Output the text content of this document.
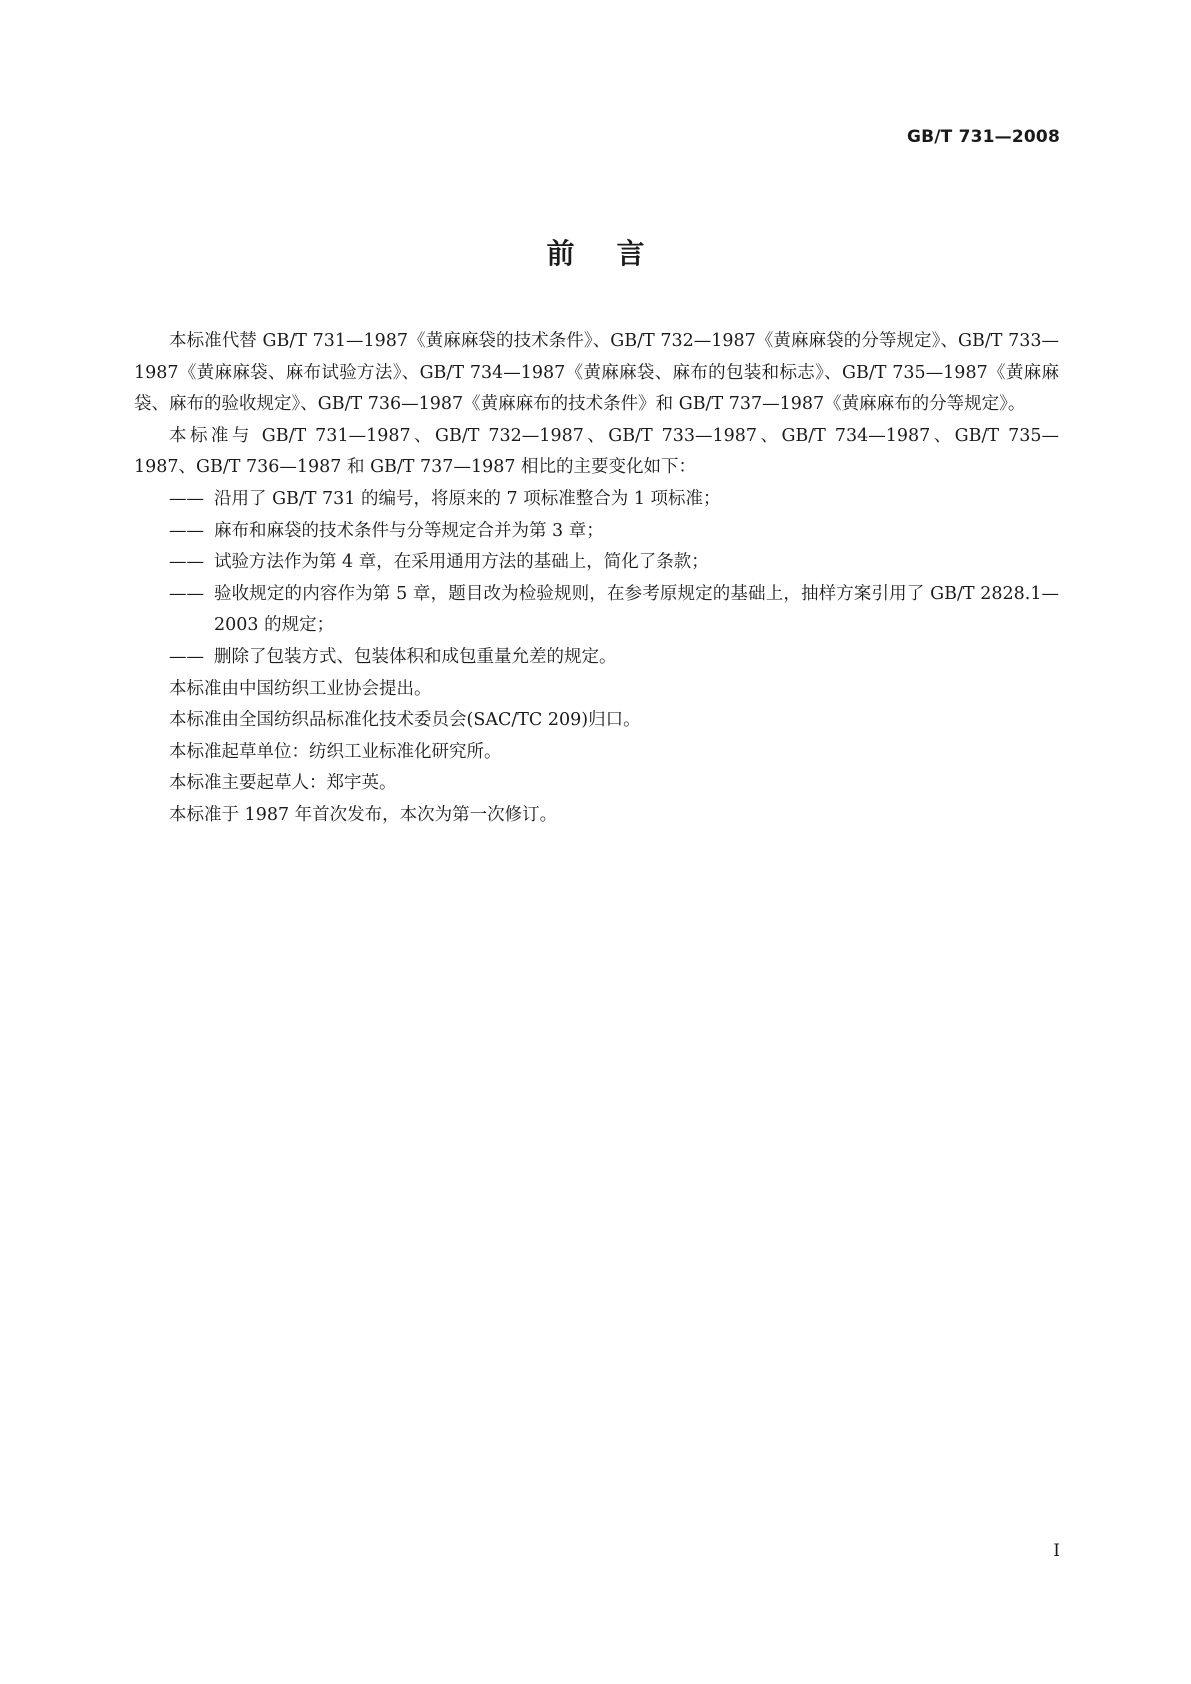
GB/T 731—2008
前言

本标准代替 GB/T 731—1987《黄麻麻袋的技术条件》、GB/T 732—1987《黄麻麻袋的分等规定》、GB/T 733—1987《黄麻麻袋、麻布试验方法》、GB/T 734—1987《黄麻麻袋、麻布的包装和标志》、GB/T 735—1987《黄麻麻袋、麻布的验收规定》、GB/T 736—1987《黄麻麻布的技术条件》和 GB/T 737—1987《黄麻麻布的分等规定》。

本标准与 GB/T 731—1987、GB/T 732—1987、GB/T 733—1987、GB/T 734—1987、GB/T 735—1987、GB/T 736—1987 和 GB/T 737—1987 相比的主要变化如下：

—— 沿用了 GB/T 731 的编号，将原来的 7 项标准整合为 1 项标准；
—— 麻布和麻袋的技术条件与分等规定合并为第 3 章；
—— 试验方法作为第 4 章，在采用通用方法的基础上，简化了条款；
—— 验收规定的内容作为第 5 章，题目改为检验规则，在参考原规定的基础上，抽样方案引用了 GB/T 2828.1—2003 的规定；
—— 删除了包装方式、包装体积和成包重量允差的规定。

本标准由中国纺织工业协会提出。

本标准由全国纺织品标准化技术委员会(SAC/TC 209)归口。

本标准起草单位：纺织工业标准化研究所。

本标准主要起草人：郑宇英。

本标准于 1987 年首次发布，本次为第一次修订。

I
